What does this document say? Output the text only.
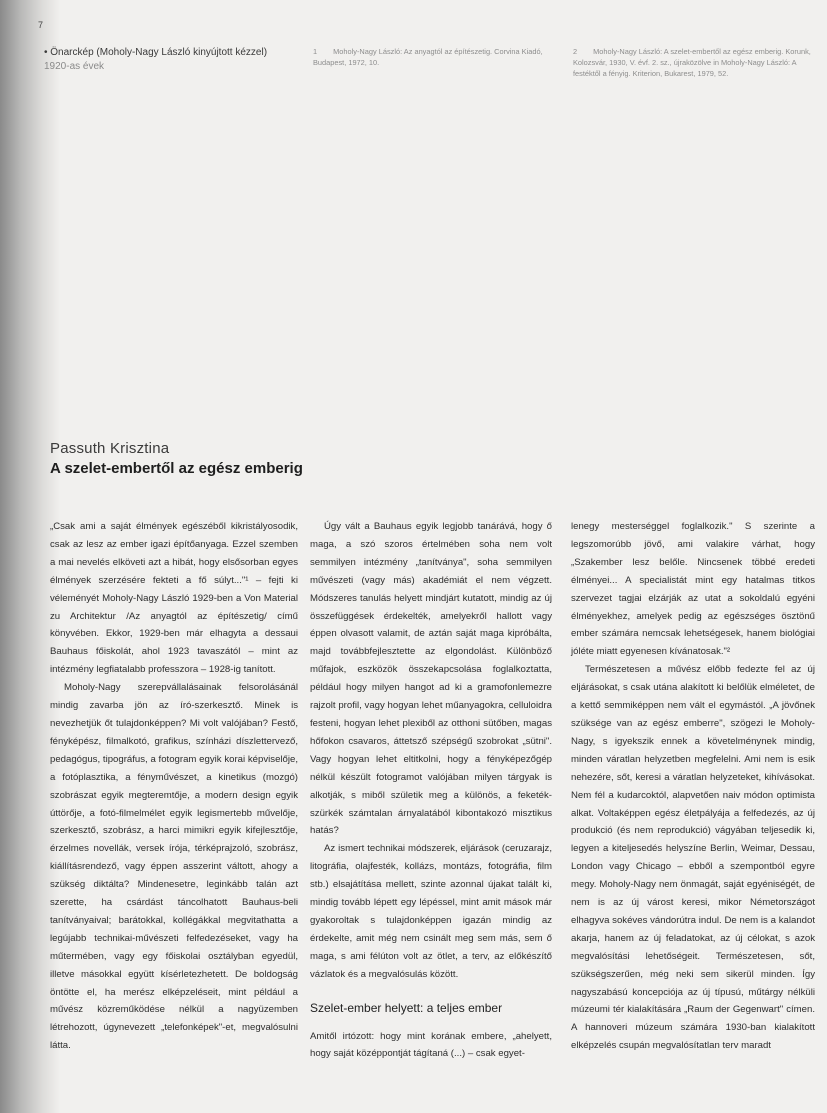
7
• Önarckép (Moholy-Nagy László kinyújtott kézzel)
1920-as évek
1 Moholy-Nagy László: Az anyagtól az építészetig. Corvina Kiadó, Budapest, 1972, 10.
2 Moholy-Nagy László: A szelet-embertől az egész emberig. Korunk, Kolozsvár, 1930, V. évf. 2. sz., újraközölve in Moholy-Nagy László: A festéktől a fényig. Kriterion, Bukarest, 1979, 52.
Passuth Krisztina
A szelet-embertől az egész emberig

„Csak ami a saját élmények egészéből kikristályosodik, csak az lesz az ember igazi építőanyaga. Ezzel szemben a mai nevelés elköveti azt a hibát, hogy elsősorban egyes élmények szerzésére fekteti a fő súlyt..."¹ – fejti ki véleményét Moholy-Nagy László 1929-ben a Von Material zu Architektur /Az anyagtól az építészetig/ című könyvében. Ekkor, 1929-ben már elhagyta a dessaui Bauhaus főiskolát, ahol 1923 tavaszától – mint az intézmény legfiatalabb professzora – 1928-ig tanított.

Moholy-Nagy szerepvállalásainak felsorolásánál mindig zavarba jön az író-szerkesztő. Minek is nevezhetjük őt tulajdonképpen? Mi volt valójában? Festő, fényképész, filmalkotó, grafikus, színházi díszlettervező, pedagógus, tipográfus, a fotogram egyik korai képviselője, a fotóplasztika, a fényművészet, a kinetikus (mozgó) szobrászat egyik megteremtője, a modern design egyik úttörője, a fotó-filmelmélet egyik legismertebb művelője, szerkesztő, szobrász, a harci mimikri egyik kifejlesztője, érzelmes novellák, versek írója, térképrajzoló, szobrász, kiállításrendező, vagy éppen asszerint váltott, ahogy a szükség diktálta? Mindenesetre, leginkább talán azt szerette, ha csárdást táncolhatott Bauhaus-beli tanítványaival; barátokkal, kollégákkal megvitathatta a legújabb technikai-művészeti felfedezéseket, vagy ha műtermében, vagy egy főiskolai osztályban egyedül, illetve másokkal együtt kísérletezhetett. De boldogság öntötte el, ha merész elképzeléseit, mint például a művész közreműködése nélkül a nagyüzemben létrehozott, úgynevezett „telefonképek"-et, megvalósulni látta.

Úgy vált a Bauhaus egyik legjobb tanárává, hogy ő maga, a szó szoros értelmében soha nem volt semmilyen intézmény „tanítványa", soha semmilyen művészeti (vagy más) akadémiát el nem végzett. Módszeres tanulás helyett mindjárt kutatott, mindig az új összefüggések érdekelték, amelyekről hallott vagy éppen olvasott valamit, de aztán saját maga kipróbálta, majd továbbfejlesztette az elgondolást. Különböző műfajok, eszközök összekapcsolása foglalkoztatta, például hogy milyen hangot ad ki a gramofonlemezre rajzolt profil, vagy hogyan lehet műanyagokra, celluloidra festeni, hogyan lehet plexiből az otthoni sütőben, magas hőfokon csavaros, áttetsző szépségű szobrokat „sütni". Vagy hogyan lehet eltitkolni, hogy a fényképezőgép nélkül készült fotogramot valójában milyen tárgyak is alkotják, s miből születik meg a különös, a feketék-szürkék számtalan árnyalatából kibontakozó misztikus hatás?

Az ismert technikai módszerek, eljárások (ceruzarajz, litográfia, olajfesték, kollázs, montázs, fotográfia, film stb.) elsajátítása mellett, szinte azonnal újakat talált ki, mindig tovább lépett egy lépéssel, mint amit mások már gyakoroltak s tulajdonképpen igazán mindig az érdekelte, amit még nem csinált meg sem más, sem ő maga, s ami félúton volt az ötlet, a terv, az előkészítő vázlatok és a megvalósulás között.

Szelet-ember helyett: a teljes ember

Amitől irtózott: hogy mint korának embere, „ahelyett, hogy saját középpontját tágítaná (...) – csak egyet-

lenegy mesterséggel foglalkozik." S szerinte a legszomorúbb jövő, ami valakire várhat, hogy „Szakember lesz belőle. Nincsenek többé eredeti élményei... A specialistát mint egy hatalmas titkos szervezet tagjai elzárják az utat a sokoldalú egyéni élményekhez, amelyek pedig az egészséges ösztönű ember számára nemcsak lehetségesek, hanem biológiai jóléte miatt egyenesen kívánatosak."²

Természetesen a művész előbb fedezte fel az új eljárásokat, s csak utána alakított ki belőlük elméletet, de a kettő semmiképpen nem vált el egymástól. „A jövőnek szüksége van az egész emberre", szögezi le Moholy-Nagy, s igyekszik ennek a követelménynek mindig, minden váratlan helyzetben megfelelni. Ami nem is esik nehezére, sőt, keresi a váratlan helyzeteket, kihívásokat. Nem fél a kudarcoktól, alapvetően naiv módon optimista alkat. Voltaképpen egész életpályája a felfedezés, az új produkció (és nem reprodukció) vágyában teljesedik ki, legyen a kiteljesedés helyszíne Berlin, Weimar, Dessau, London vagy Chicago – ebből a szempontból egyre megy. Moholy-Nagy nem önmagát, saját egyéniségét, de nem is az új várost keresi, mikor Németországot elhagyva sokéves vándorútra indul. De nem is a kalandot akarja, hanem az új feladatokat, az új célokat, s azok megvalósítási lehetőségeit. Természetesen, sőt, szükségszerűen, még neki sem sikerül minden. Így nagyszabású koncepciója az új típusú, műtárgy nélküli múzeumi tér kialakítására „Raum der Gegenwart" címen. A hannoveri múzeum számára 1930-ban kialakított elképzelés csupán megvalósítatlan terv maradt
